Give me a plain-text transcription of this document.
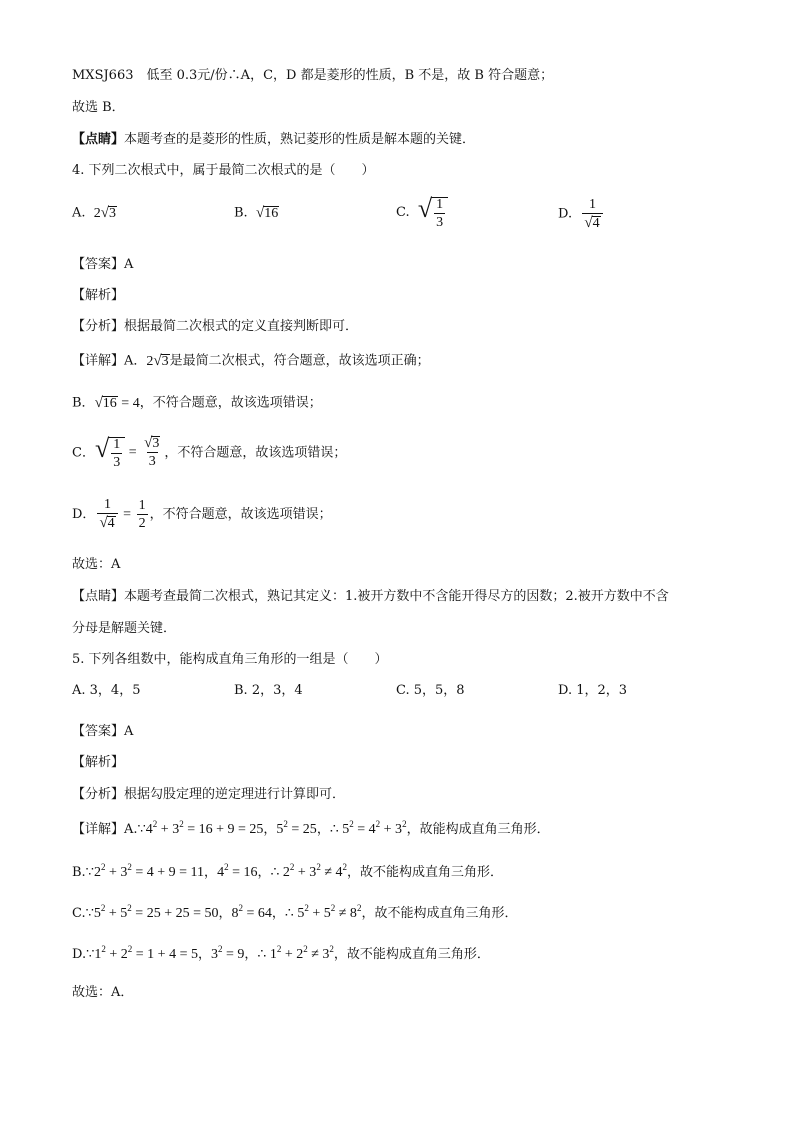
MXSJ663　低至 0.3元/份∴A，C，D 都是菱形的性质，B 不是，故 B 符合题意；
故选 B．
【点睛】本题考查的是菱形的性质，熟记菱形的性质是解本题的关键．
4. 下列二次根式中，属于最简二次根式的是（　　）
A. 2√3	B. √16	C. √ $\frac{1}{3}$	D. $\frac{1}{√4}$
【答案】A
【解析】
【分析】根据最简二次根式的定义直接判断即可．
【详解】A．2√3是最简二次根式，符合题意，故该选项正确；
B．√16 = 4，不符合题意，故该选项错误；
C．√ $\frac{1}{3} = \frac{√3}{3}$ ，不符合题意，故该选项错误；
D． $\frac{1}{√4} = \frac{1}{2}$ ，不符合题意，故该选项错误；
故选：A
【点睛】本题考查最简二次根式，熟记其定义：1.被开方数中不含能开得尽方的因数；2.被开方数中不含
分母是解题关键．
5. 下列各组数中，能构成直角三角形的一组是（　　）
A. 3，4，5	B. 2，3，4	C. 5，5，8	D. 1，2，3
【答案】A
【解析】
【分析】根据勾股定理的逆定理进行计算即可．
【详解】$A.\because 4^2 + 3^2 = 16 + 9 = 25$，$5^2 = 25$，∴ $5^2 = 4^2 + 3^2$，故能构成直角三角形．
$B.\because 2^2 + 3^2 = 4 + 9 = 11$，$4^2 = 16$，∴ $2^2 + 3^2 \ne 4^2$，故不能构成直角三角形．
$C.\because 5^2 + 5^2 = 25 + 25 = 50$，$8^2 = 64$，∴ $5^2 + 5^2 \ne 8^2$，故不能构成直角三角形．
$D.\because 1^2 + 2^2 = 1 + 4 = 5$，$3^2 = 9$，∴ $1^2 + 2^2 \ne 3^2$，故不能构成直角三角形．
故选：A．
